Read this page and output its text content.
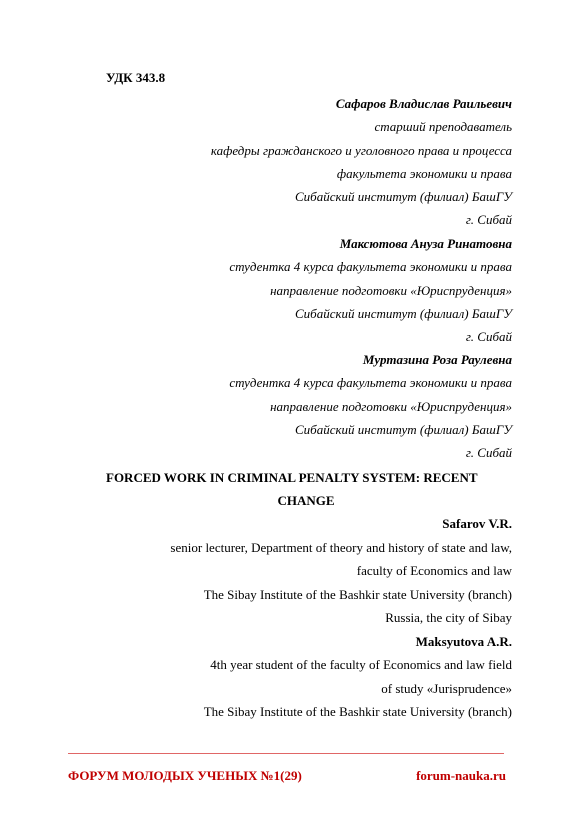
УДК 343.8
Сафаров Владислав Раильевич
старший преподаватель
кафедры гражданского и уголовного права и процесса
факультета экономики и права
Сибайский институт (филиал) БашГУ
г. Сибай
Максютова Ануза Ринатовна
студентка 4 курса факультета экономики и права
направление подготовки «Юриспруденция»
Сибайский институт (филиал) БашГУ
г. Сибай
Муртазина Роза Раулевна
студентка 4 курса факультета экономики и права
направление подготовки «Юриспруденция»
Сибайский институт (филиал) БашГУ
г. Сибай
FORCED WORK IN CRIMINAL PENALTY SYSTEM: RECENT
CHANGE
Safarov V.R.
senior lecturer, Department of theory and history of state and law,
faculty of Economics and law
The Sibay Institute of the Bashkir state University (branch)
Russia, the city of Sibay
Maksyutova A.R.
4th year student of the faculty of Economics and law field
of study «Jurisprudence»
The Sibay Institute of the Bashkir state University (branch)
ФОРУМ МОЛОДЫХ УЧЕНЫХ №1(29)	forum-nauka.ru
